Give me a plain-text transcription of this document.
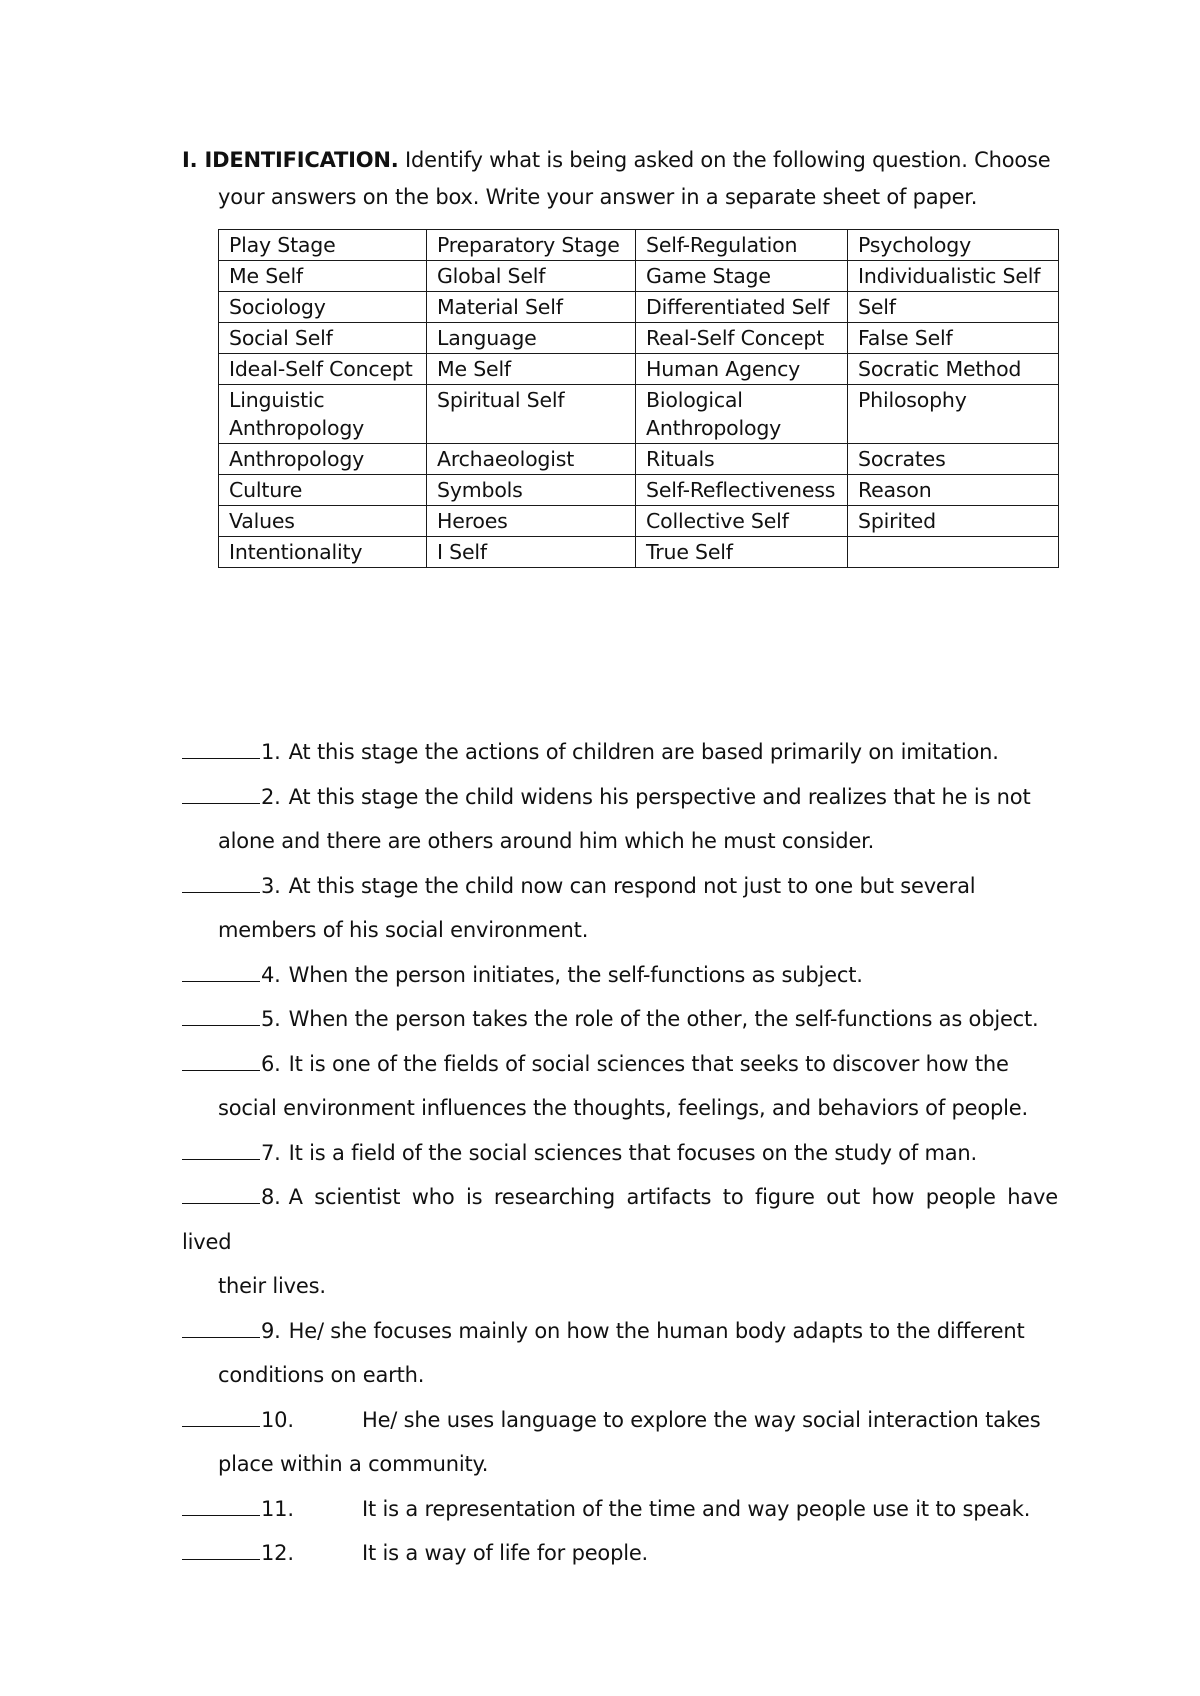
I. IDENTIFICATION. Identify what is being asked on the following question. Choose
your answers on the box. Write your answer in a separate sheet of paper.
Play Stage	Preparatory Stage	Self-Regulation	Psychology
Me Self	Global Self	Game Stage	Individualistic Self
Sociology	Material Self	Differentiated Self	Self
Social Self	Language	Real-Self Concept	False Self
Ideal-Self Concept	Me Self	Human Agency	Socratic Method
Linguistic Anthropology	Spiritual Self	Biological Anthropology	Philosophy
Anthropology	Archaeologist	Rituals	Socrates
Culture	Symbols	Self-Reflectiveness	Reason
Values	Heroes	Collective Self	Spirited
Intentionality	I Self	True Self	
1. At this stage the actions of children are based primarily on imitation.
2. At this stage the child widens his perspective and realizes that he is not
alone and there are others around him which he must consider.
3. At this stage the child now can respond not just to one but several
members of his social environment.
4. When the person initiates, the self-functions as subject.
5. When the person takes the role of the other, the self-functions as object.
6. It is one of the fields of social sciences that seeks to discover how the
social environment influences the thoughts, feelings, and behaviors of people.
7. It is a field of the social sciences that focuses on the study of man.
8. A scientist who is researching artifacts to figure out how people have lived
their lives.
9. He/ she focuses mainly on how the human body adapts to the different
conditions on earth.
10.	He/ she uses language to explore the way social interaction takes
place within a community.
11.	It is a representation of the time and way people use it to speak.
12.	It is a way of life for people.
